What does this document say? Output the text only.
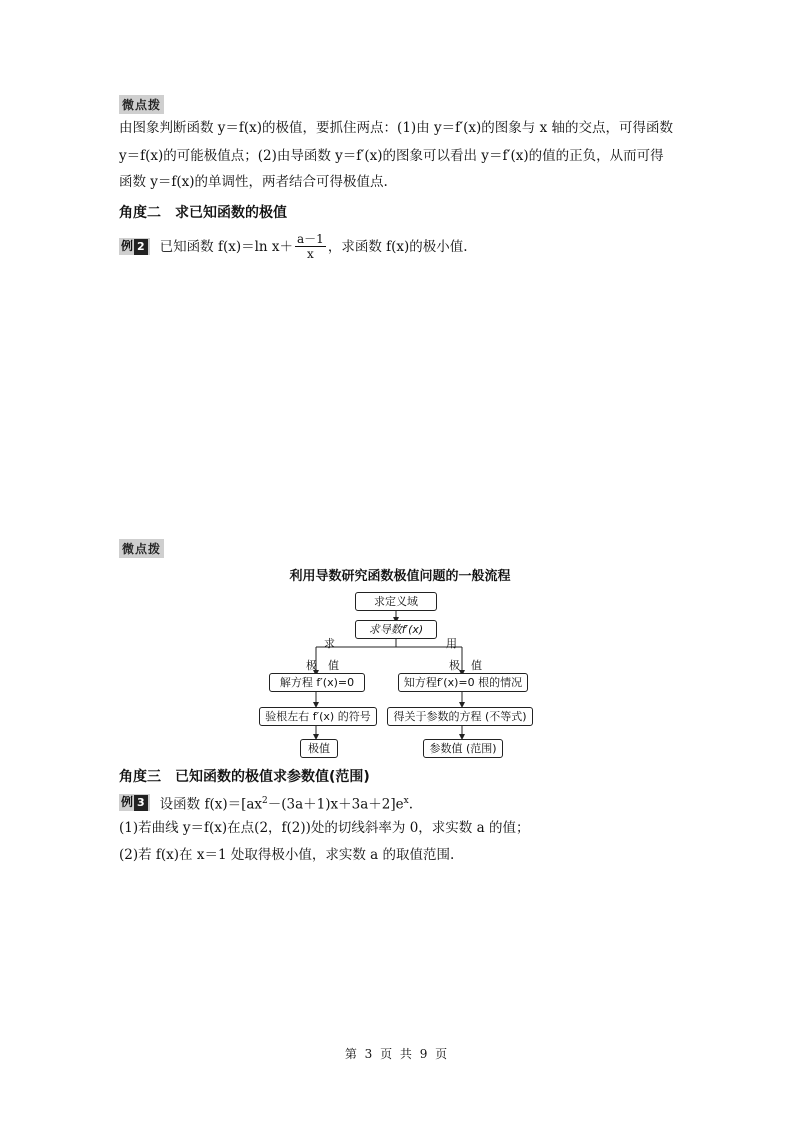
微点拨
由图象判断函数 y＝f(x)的极值，要抓住两点：(1)由 y＝f′(x)的图象与 x 轴的交点，可得函数
y＝f(x)的可能极值点；(2)由导函数 y＝f′(x)的图象可以看出 y＝f′(x)的值的正负，从而可得
函数 y＝f(x)的单调性，两者结合可得极值点.
角度二　求已知函数的极值
例 2	已知函数 f(x)＝ln $x+ \frac{a-1}{x}$ ，求函数 f(x)的极小值.
微点拨
利用导数研究函数极值问题的一般流程
求定义域
求导数f′(x)
求	用
极　值	极　值
解方程 f′(x)=0
验根左右 f′(x) 的符号
极值
知方程f′(x)=0 根的情况
得关于参数的方程 (不等式)
参数值 (范围)
角度三　已知函数的极值求参数值(范围)
例 3	设函数 $f(x)=[ax^2-(3a+1)x+3a+2]e^x$.
(1)若曲线 y＝f(x)在点(2，f(2))处的切线斜率为 0，求实数 a 的值；
(2)若 f(x)在 x＝1 处取得极小值，求实数 a 的取值范围.
第 3 页 共 9 页
